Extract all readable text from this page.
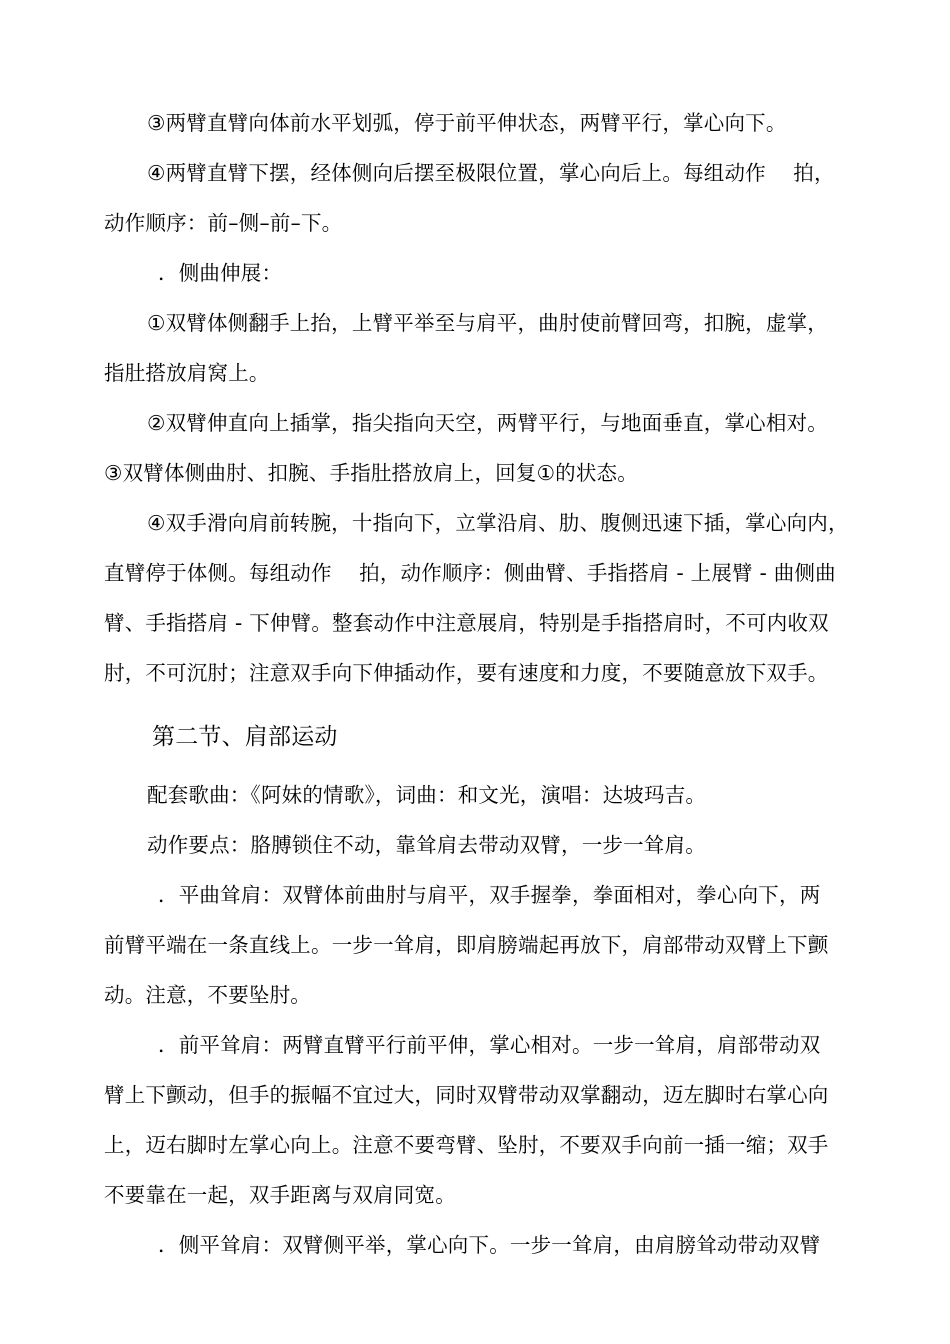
③两臂直臂向体前水平划弧，停于前平伸状态，两臂平行，掌心向下。
④两臂直臂下摆，经体侧向后摆至极限位置，掌心向后上。每组动作　 拍，
动作顺序：前–侧–前–下。
．侧曲伸展：
①双臂体侧翻手上抬，上臂平举至与肩平，曲肘使前臂回弯，扣腕，虚掌，
指肚搭放肩窝上。
②双臂伸直向上插掌，指尖指向天空，两臂平行，与地面垂直，掌心相对。
③双臂体侧曲肘、扣腕、手指肚搭放肩上，回复①的状态。
④双手滑向肩前转腕，十指向下，立掌沿肩、肋、腹侧迅速下插，掌心向内，
直臂停于体侧。每组动作　 拍，动作顺序：侧曲臂、手指搭肩 - 上展臂 - 曲侧曲
臂、手指搭肩 - 下伸臂。整套动作中注意展肩，特别是手指搭肩时，不可内收双
肘，不可沉肘；注意双手向下伸插动作，要有速度和力度，不要随意放下双手。
第二节、肩部运动
配套歌曲：《阿妹的情歌》，词曲：和文光，演唱：达坡玛吉。
动作要点：胳膊锁住不动，靠耸肩去带动双臂，一步一耸肩。
．平曲耸肩：双臂体前曲肘与肩平，双手握拳，拳面相对，拳心向下，两
前臂平端在一条直线上。一步一耸肩，即肩膀端起再放下，肩部带动双臂上下颤
动。注意，不要坠肘。
．前平耸肩：两臂直臂平行前平伸，掌心相对。一步一耸肩，肩部带动双
臂上下颤动，但手的振幅不宜过大，同时双臂带动双掌翻动，迈左脚时右掌心向
上，迈右脚时左掌心向上。注意不要弯臂、坠肘，不要双手向前一插一缩；双手
不要靠在一起，双手距离与双肩同宽。
．侧平耸肩：双臂侧平举，掌心向下。一步一耸肩，由肩膀耸动带动双臂
